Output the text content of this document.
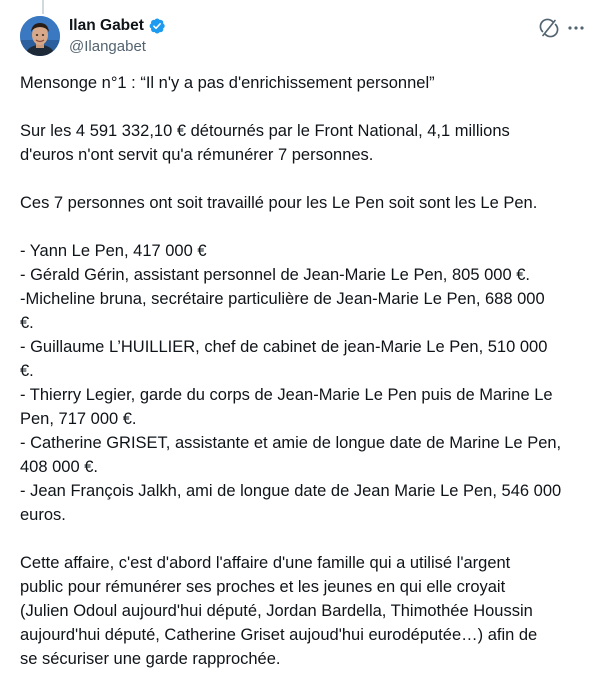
Ilan Gabet
@Ilangabet
Mensonge n°1 : “Il n'y a pas d'enrichissement personnel”
Sur les 4 591 332,10 € détournés par le Front National, 4,1 millions
d'euros n'ont servit qu'a rémunérer 7 personnes.
Ces 7 personnes ont soit travaillé pour les Le Pen soit sont les Le Pen.
- Yann Le Pen, 417 000 €
- Gérald Gérin, assistant personnel de Jean-Marie Le Pen, 805 000 €.
-Micheline bruna, secrétaire particulière de Jean-Marie Le Pen, 688 000
€.
- Guillaume L’HUILLIER, chef de cabinet de jean-Marie Le Pen, 510 000
€.
- Thierry Legier, garde du corps de Jean-Marie Le Pen puis de Marine Le
Pen, 717 000 €.
- Catherine GRISET, assistante et amie de longue date de Marine Le Pen,
408 000 €.
- Jean François Jalkh, ami de longue date de Jean Marie Le Pen, 546 000
euros.
Cette affaire, c'est d'abord l'affaire d'une famille qui a utilisé l'argent
public pour rémunérer ses proches et les jeunes en qui elle croyait
(Julien Odoul aujourd'hui député, Jordan Bardella, Thimothée Houssin
aujourd'hui député, Catherine Griset aujoud'hui eurodéputée…) afin de
se sécuriser une garde rapprochée.
